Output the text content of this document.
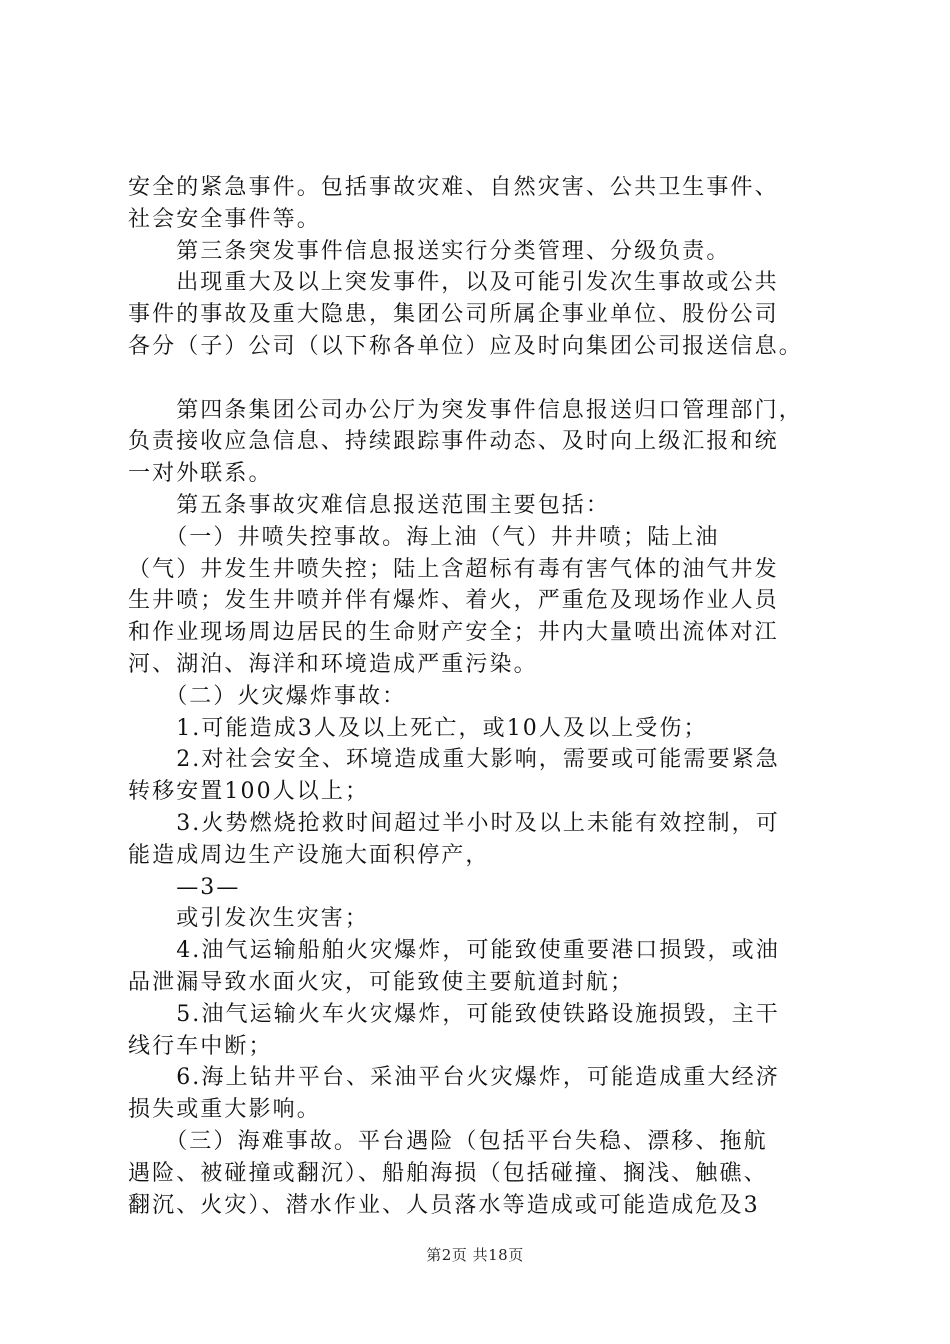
安全的紧急事件。包括事故灾难、自然灾害、公共卫生事件、
社会安全事件等。
　　第三条突发事件信息报送实行分类管理、分级负责。
　　出现重大及以上突发事件，以及可能引发次生事故或公共
事件的事故及重大隐患，集团公司所属企事业单位、股份公司
各分（子）公司（以下称各单位）应及时向集团公司报送信息。
　　第四条集团公司办公厅为突发事件信息报送归口管理部门，
负责接收应急信息、持续跟踪事件动态、及时向上级汇报和统
一对外联系。
　　第五条事故灾难信息报送范围主要包括：
　　（一）井喷失控事故。海上油（气）井井喷；陆上油
（气）井发生井喷失控；陆上含超标有毒有害气体的油气井发
生井喷；发生井喷并伴有爆炸、着火，严重危及现场作业人员
和作业现场周边居民的生命财产安全；井内大量喷出流体对江
河、湖泊、海洋和环境造成严重污染。
　　（二）火灾爆炸事故：
　　1.可能造成3人及以上死亡，或10人及以上受伤；
　　2.对社会安全、环境造成重大影响，需要或可能需要紧急
转移安置100人以上；
　　3.火势燃烧抢救时间超过半小时及以上未能有效控制，可
能造成周边生产设施大面积停产，
　　—3—
　　或引发次生灾害；
　　4.油气运输船舶火灾爆炸，可能致使重要港口损毁，或油
品泄漏导致水面火灾，可能致使主要航道封航；
　　5.油气运输火车火灾爆炸，可能致使铁路设施损毁，主干
线行车中断；
　　6.海上钻井平台、采油平台火灾爆炸，可能造成重大经济
损失或重大影响。
　　（三）海难事故。平台遇险（包括平台失稳、漂移、拖航
遇险、被碰撞或翻沉）、船舶海损（包括碰撞、搁浅、触礁、
翻沉、火灾）、潜水作业、人员落水等造成或可能造成危及3
第2页 共18页
